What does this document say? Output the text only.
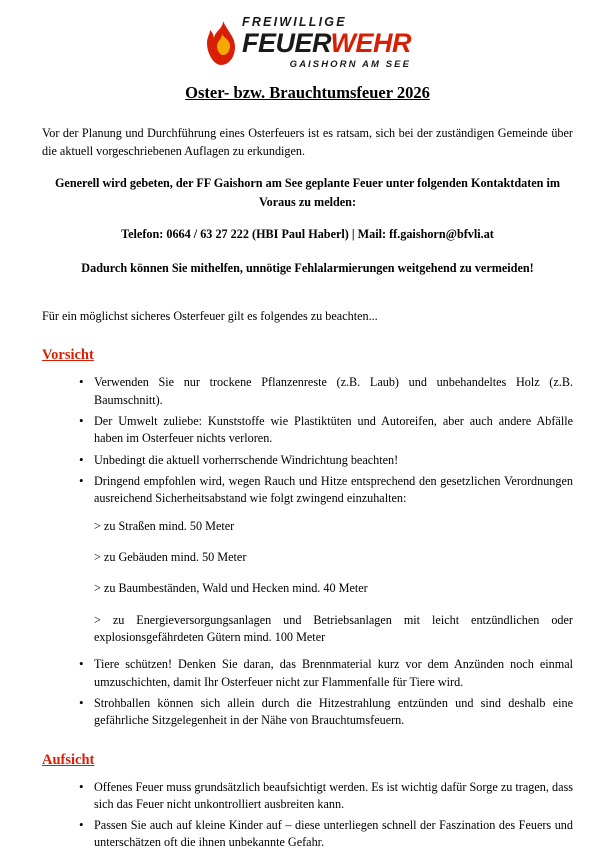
FREIWILLIGE
FEUERWEHR
GAISHORN AM SEE
Oster- bzw. Brauchtumsfeuer 2026

Vor der Planung und Durchführung eines Osterfeuers ist es ratsam, sich bei der zuständigen Gemeinde über die aktuell vorgeschriebenen Auflagen zu erkundigen.

Generell wird gebeten, der FF Gaishorn am See geplante Feuer unter folgenden Kontaktdaten im Voraus zu melden:

Telefon: 0664 / 63 27 222 (HBI Paul Haberl) | Mail: ff.gaishorn@bfvli.at

Dadurch können Sie mithelfen, unnötige Fehlalarmierungen weitgehend zu vermeiden!

Für ein möglichst sicheres Osterfeuer gilt es folgendes zu beachten...

Vorsicht
• Verwenden Sie nur trockene Pflanzenreste (z.B. Laub) und unbehandeltes Holz (z.B. Baumschnitt).
• Der Umwelt zuliebe: Kunststoffe wie Plastiktüten und Autoreifen, aber auch andere Abfälle haben im Osterfeuer nichts verloren.
• Unbedingt die aktuell vorherrschende Windrichtung beachten!
• Dringend empfohlen wird, wegen Rauch und Hitze entsprechend den gesetzlichen Verordnungen ausreichend Sicherheitsabstand wie folgt zwingend einzuhalten:
> zu Straßen mind. 50 Meter
> zu Gebäuden mind. 50 Meter
> zu Baumbeständen, Wald und Hecken mind. 40 Meter
> zu Energieversorgungsanlagen und Betriebsanlagen mit leicht entzündlichen oder explosionsgefährdeten Gütern mind. 100 Meter
• Tiere schützen! Denken Sie daran, das Brennmaterial kurz vor dem Anzünden noch einmal umzuschichten, damit Ihr Osterfeuer nicht zur Flammenfalle für Tiere wird.
• Strohballen können sich allein durch die Hitzestrahlung entzünden und sind deshalb eine gefährliche Sitzgelegenheit in der Nähe von Brauchtumsfeuern.
Aufsicht
• Offenes Feuer muss grundsätzlich beaufsichtigt werden. Es ist wichtig dafür Sorge zu tragen, dass sich das Feuer nicht unkontrolliert ausbreiten kann.
• Passen Sie auch auf kleine Kinder auf – diese unterliegen schnell der Faszination des Feuers und unterschätzen oft die ihnen unbekannte Gefahr.
